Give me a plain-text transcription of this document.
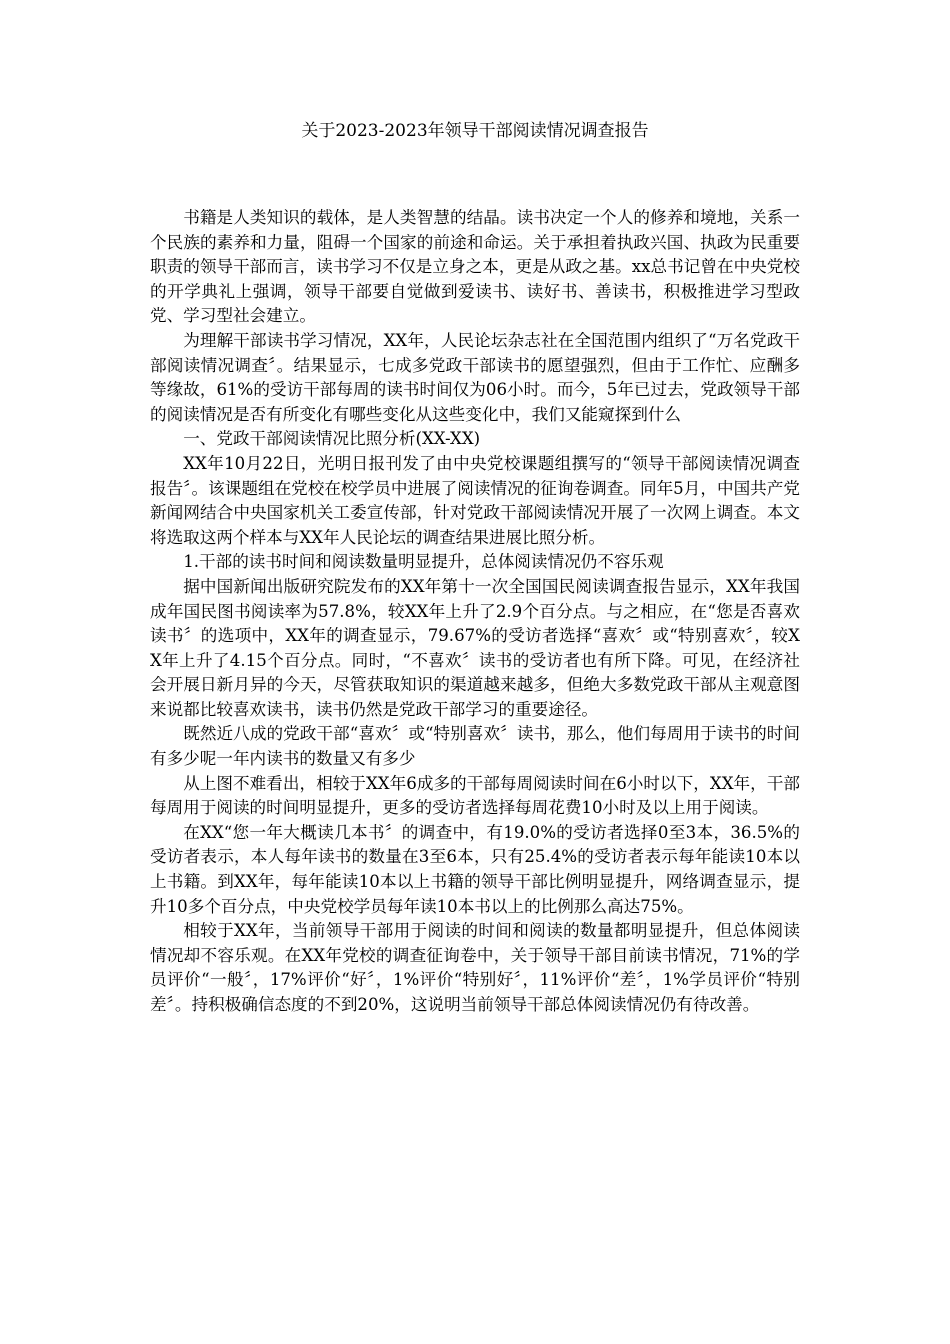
关于2023-2023年领导干部阅读情况调查报告

书籍是人类知识的载体，是人类智慧的结晶。读书决定一个人的修养和境地，关系一个民族的素养和力量，阻碍一个国家的前途和命运。关于承担着执政兴国、执政为民重要职责的领导干部而言，读书学习不仅是立身之本，更是从政之基。xx总书记曾在中央党校的开学典礼上强调，领导干部要自觉做到爱读书、读好书、善读书，积极推进学习型政党、学习型社会建立。

为理解干部读书学习情况，XX年，人民论坛杂志社在全国范围内组织了“万名党政干部阅读情况调查〞。结果显示，七成多党政干部读书的愿望强烈，但由于工作忙、应酬多等缘故，61%的受访干部每周的读书时间仅为06小时。而今，5年已过去，党政领导干部的阅读情况是否有所变化有哪些变化从这些变化中，我们又能窥探到什么

一、党政干部阅读情况比照分析(XX-XX)

XX年10月22日，光明日报刊发了由中央党校课题组撰写的“领导干部阅读情况调查报告〞。该课题组在党校在校学员中进展了阅读情况的征询卷调查。同年5月，中国共产党新闻网结合中央国家机关工委宣传部，针对党政干部阅读情况开展了一次网上调查。本文将选取这两个样本与XX年人民论坛的调查结果进展比照分析。

1.干部的读书时间和阅读数量明显提升，总体阅读情况仍不容乐观

据中国新闻出版研究院发布的XX年第十一次全国国民阅读调查报告显示，XX年我国成年国民图书阅读率为57.8%，较XX年上升了2.9个百分点。与之相应，在“您是否喜欢读书〞的选项中，XX年的调查显示，79.67%的受访者选择“喜欢〞或“特别喜欢〞，较XX年上升了4.15个百分点。同时，“不喜欢〞读书的受访者也有所下降。可见，在经济社会开展日新月异的今天，尽管获取知识的渠道越来越多，但绝大多数党政干部从主观意图来说都比较喜欢读书，读书仍然是党政干部学习的重要途径。

既然近八成的党政干部“喜欢〞或“特别喜欢〞读书，那么，他们每周用于读书的时间有多少呢一年内读书的数量又有多少

从上图不难看出，相较于XX年6成多的干部每周阅读时间在6小时以下，XX年，干部每周用于阅读的时间明显提升，更多的受访者选择每周花费10小时及以上用于阅读。

在XX“您一年大概读几本书〞的调查中，有19.0%的受访者选择0至3本，36.5%的受访者表示，本人每年读书的数量在3至6本，只有25.4%的受访者表示每年能读10本以上书籍。到XX年，每年能读10本以上书籍的领导干部比例明显提升，网络调查显示，提升10多个百分点，中央党校学员每年读10本书以上的比例那么高达75%。

相较于XX年，当前领导干部用于阅读的时间和阅读的数量都明显提升，但总体阅读情况却不容乐观。在XX年党校的调查征询卷中，关于领导干部目前读书情况，71%的学员评价“一般〞，17%评价“好〞，1%评价“特别好〞，11%评价“差〞，1%学员评价“特别差〞。持积极确信态度的不到20%，这说明当前领导干部总体阅读情况仍有待改善。
